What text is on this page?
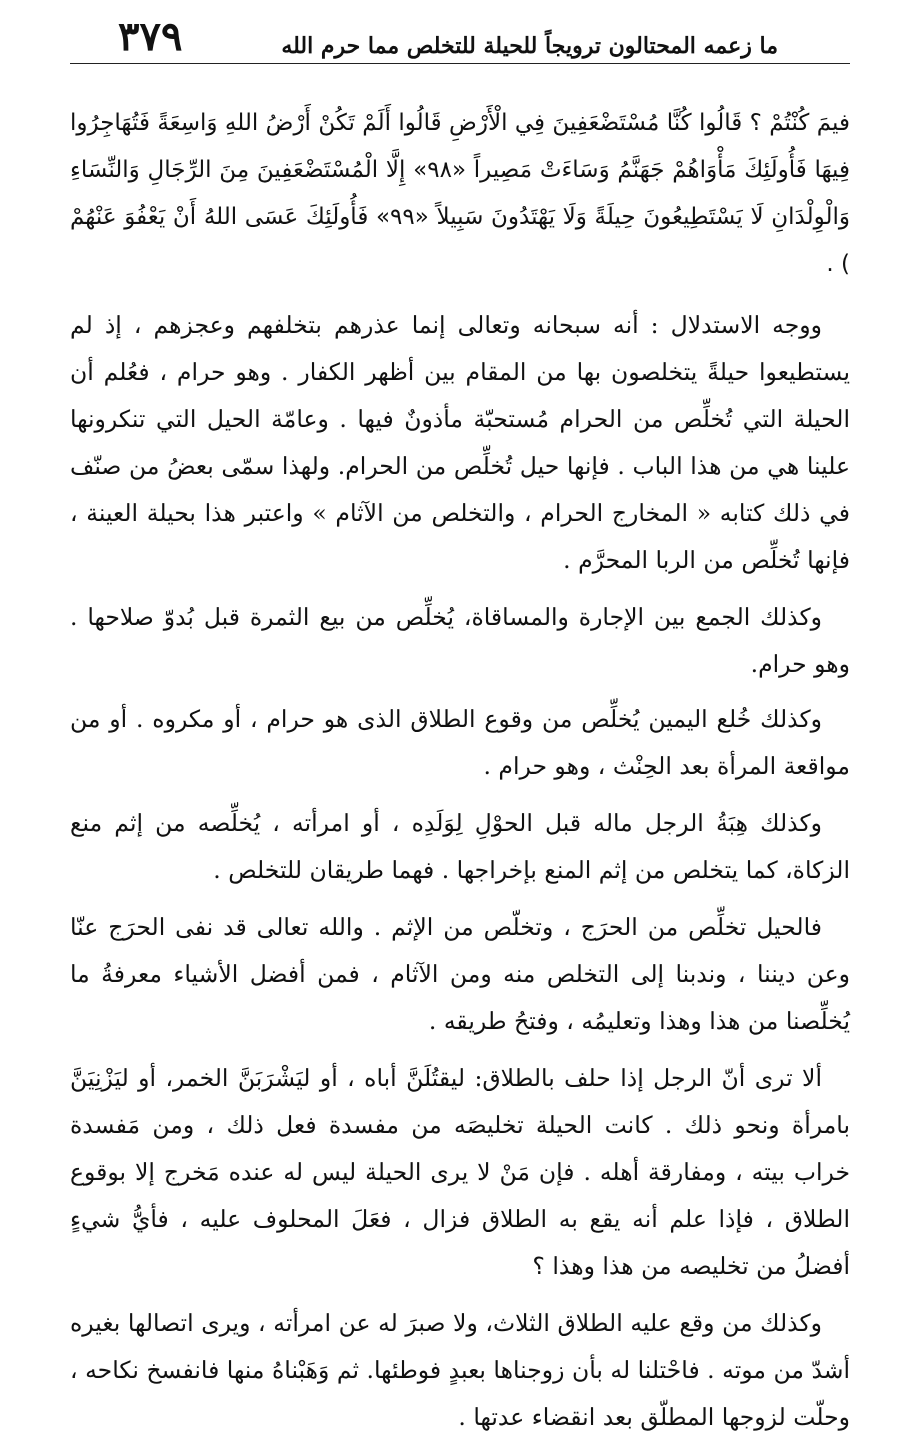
ما زعمه المحتالون ترويجاً للحيلة للتخلص مما حرم الله
٣٧٩

فيمَ كُنْتُمْ ؟ قَالُوا كُنَّا مُسْتَضْعَفِينَ فِي الْأَرْضِ قَالُوا أَلَمْ تَكُنْ أَرْضُ اللهِ وَاسِعَةً فَتُهَاجِرُوا فِيهَا فَأُولَئِكَ مَأْوَاهُمْ جَهَنَّمُ وَسَاءَتْ مَصِيراً «٩٨» إِلَّا الْمُسْتَضْعَفِينَ مِنَ الرِّجَالِ وَالنِّسَاءِ وَالْوِلْدَانِ لَا يَسْتَطِيعُونَ حِيلَةً وَلَا يَهْتَدُونَ سَبِيلاً «٩٩» فَأُولَئِكَ عَسَى اللهُ أَنْ يَعْفُوَ عَنْهُمْ ) .

ووجه الاستدلال : أنه سبحانه وتعالى إنما عذرهم بتخلفهم وعجزهم ، إذ لم يستطيعوا حيلةً يتخلصون بها من المقام بين أظهر الكفار . وهو حرام ، فعُلم أن الحيلة التي تُخلِّص من الحرام مُستحبّة مأذونٌ فيها . وعامّة الحيل التي تنكرونها علينا هي من هذا الباب . فإنها حيل تُخلِّص من الحرام. ولهذا سمّى بعضُ من صنّف في ذلك كتابه « المخارج الحرام ، والتخلص من الآثام » واعتبر هذا بحيلة العينة ، فإنها تُخلِّص من الربا المحرَّم .

وكذلك الجمع بين الإجارة والمساقاة، يُخلِّص من بيع الثمرة قبل بُدوّ صلاحها . وهو حرام.

وكذلك خُلع اليمين يُخلِّص من وقوع الطلاق الذى هو حرام ، أو مكروه . أو من مواقعة المرأة بعد الحِنْث ، وهو حرام .

وكذلك هِبَةُ الرجل ماله قبل الحوْلِ لِوَلَدِه ، أو امرأته ، يُخلِّصه من إثم منع الزكاة، كما يتخلص من إثم المنع بإخراجها . فهما طريقان للتخلص .

فالحيل تخلِّص من الحرَج ، وتخلّص من الإثم . والله تعالى قد نفى الحرَج عنّا وعن ديننا ، وندبنا إلى التخلص منه ومن الآثام ، فمن أفضل الأشياء معرفةُ ما يُخلِّصنا من هذا وهذا وتعليمُه ، وفتحُ طريقه .

ألا ترى أنّ الرجل إذا حلف بالطلاق: ليقتُلَنَّ أباه ، أو ليَشْرَبَنَّ الخمر، أو ليَزْنِيَنَّ بامرأة ونحو ذلك . كانت الحيلة تخليصَه من مفسدة فعل ذلك ، ومن مَفسدة خراب بيته ، ومفارقة أهله . فإن مَنْ لا يرى الحيلة ليس له عنده مَخرج إلا بوقوع الطلاق ، فإذا علم أنه يقع به الطلاق فزال ، فعَلَ المحلوف عليه ، فأيُّ شيءٍ أفضلُ من تخليصه من هذا وهذا ؟

وكذلك من وقع عليه الطلاق الثلاث، ولا صبرَ له عن امرأته ، ويرى اتصالها بغيره أشدّ من موته . فاحْتلنا له بأن زوجناها بعبدٍ فوطئها. ثم وَهَبْناهُ منها فانفسخ نكاحه ، وحلّت لزوجها المطلّق بعد انقضاء عدتها .
